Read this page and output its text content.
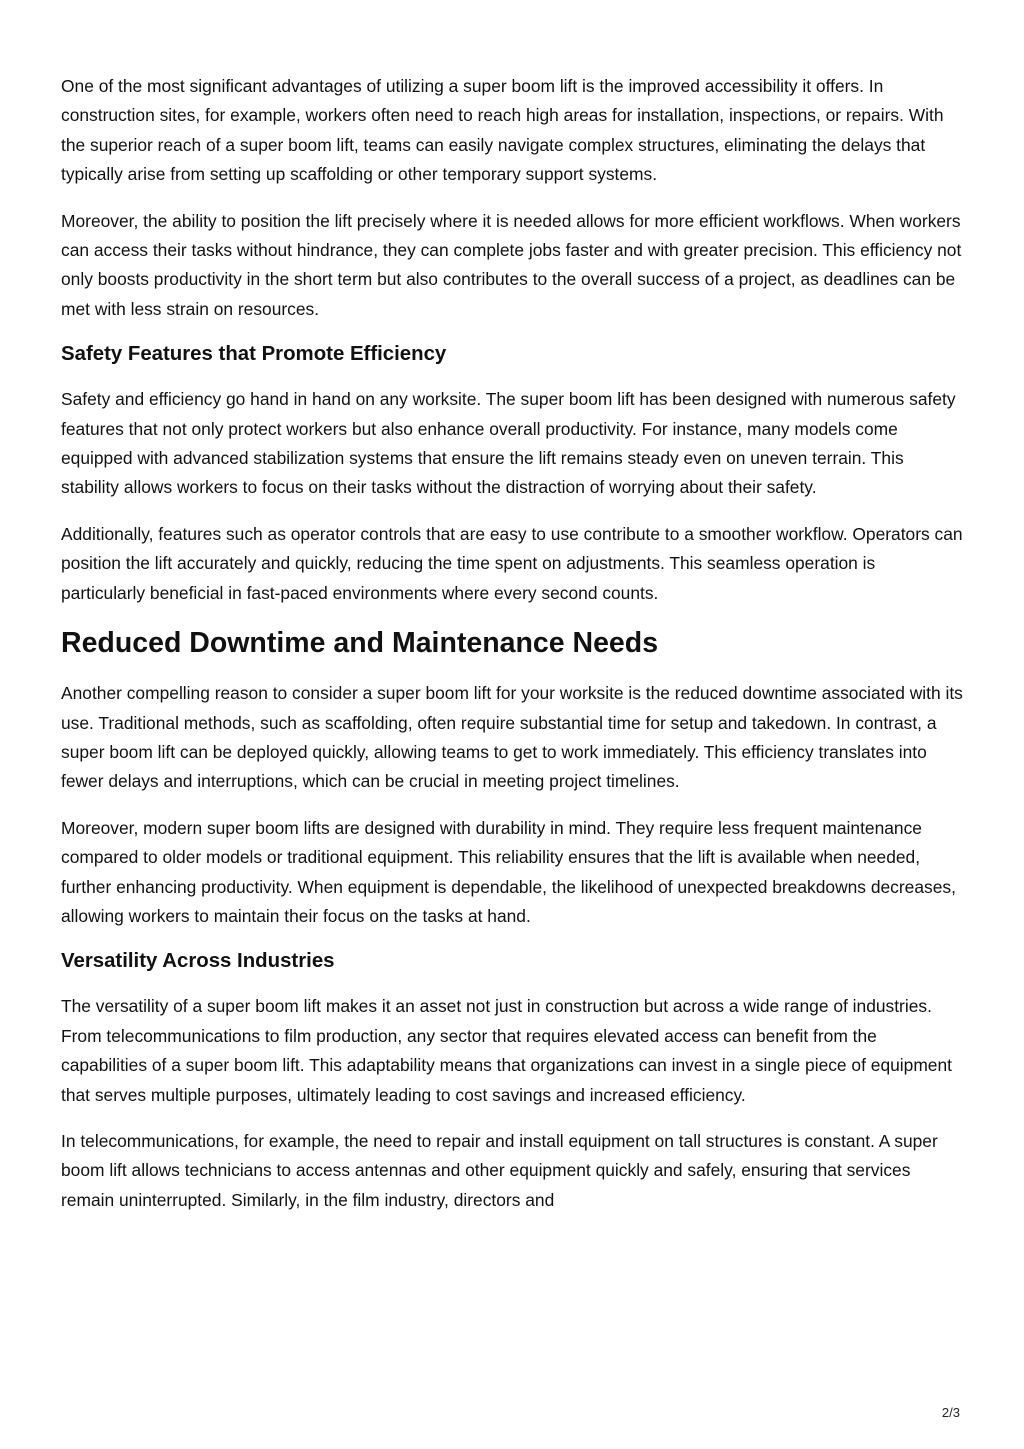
One of the most significant advantages of utilizing a super boom lift is the improved accessibility it offers. In construction sites, for example, workers often need to reach high areas for installation, inspections, or repairs. With the superior reach of a super boom lift, teams can easily navigate complex structures, eliminating the delays that typically arise from setting up scaffolding or other temporary support systems.

Moreover, the ability to position the lift precisely where it is needed allows for more efficient workflows. When workers can access their tasks without hindrance, they can complete jobs faster and with greater precision. This efficiency not only boosts productivity in the short term but also contributes to the overall success of a project, as deadlines can be met with less strain on resources.

Safety Features that Promote Efficiency

Safety and efficiency go hand in hand on any worksite. The super boom lift has been designed with numerous safety features that not only protect workers but also enhance overall productivity. For instance, many models come equipped with advanced stabilization systems that ensure the lift remains steady even on uneven terrain. This stability allows workers to focus on their tasks without the distraction of worrying about their safety.

Additionally, features such as operator controls that are easy to use contribute to a smoother workflow. Operators can position the lift accurately and quickly, reducing the time spent on adjustments. This seamless operation is particularly beneficial in fast-paced environments where every second counts.

Reduced Downtime and Maintenance Needs

Another compelling reason to consider a super boom lift for your worksite is the reduced downtime associated with its use. Traditional methods, such as scaffolding, often require substantial time for setup and takedown. In contrast, a super boom lift can be deployed quickly, allowing teams to get to work immediately. This efficiency translates into fewer delays and interruptions, which can be crucial in meeting project timelines.

Moreover, modern super boom lifts are designed with durability in mind. They require less frequent maintenance compared to older models or traditional equipment. This reliability ensures that the lift is available when needed, further enhancing productivity. When equipment is dependable, the likelihood of unexpected breakdowns decreases, allowing workers to maintain their focus on the tasks at hand.

Versatility Across Industries

The versatility of a super boom lift makes it an asset not just in construction but across a wide range of industries. From telecommunications to film production, any sector that requires elevated access can benefit from the capabilities of a super boom lift. This adaptability means that organizations can invest in a single piece of equipment that serves multiple purposes, ultimately leading to cost savings and increased efficiency.

In telecommunications, for example, the need to repair and install equipment on tall structures is constant. A super boom lift allows technicians to access antennas and other equipment quickly and safely, ensuring that services remain uninterrupted. Similarly, in the film industry, directors and

2/3
